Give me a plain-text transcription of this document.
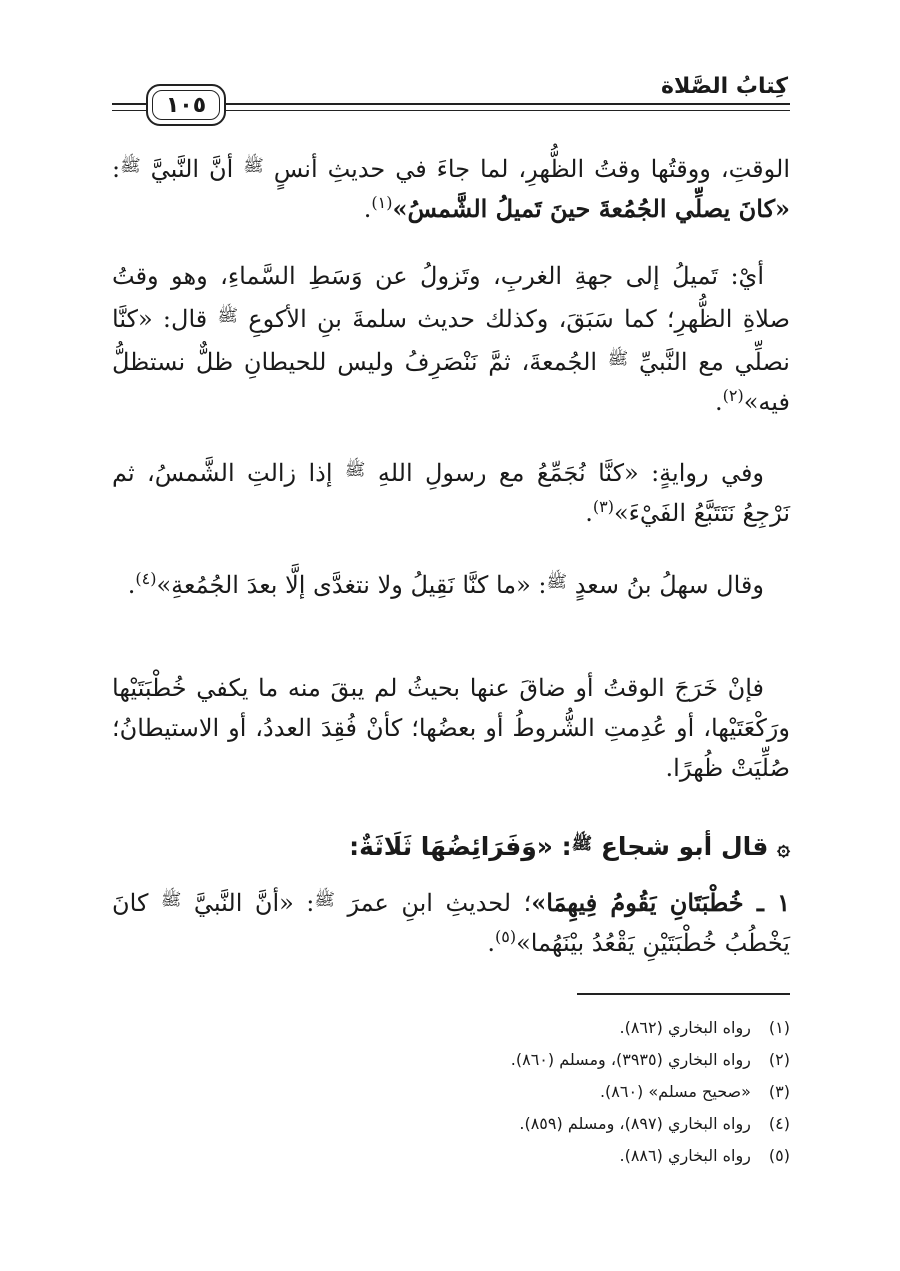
كِتابُ الصَّلاة
١٠٥

الوقتِ، ووقتُها وقتُ الظُّهرِ، لما جاءَ في حديثِ أنسٍ $^ﷺ$ أنَّ النَّبيَّ $^ﷺ$: «كانَ يصلِّي الجُمُعةَ حينَ تَميلُ الشَّمسُ»$^{(١)}$.

أيْ: تَميلُ إلى جهةِ الغربِ، وتَزولُ عن وَسَطِ السَّماءِ، وهو وقتُ صلاةِ الظُّهرِ؛ كما سَبَقَ، وكذلك حديث سلمةَ بنِ الأكوعِ $^ﷺ$ قال: «كنَّا نصلِّي مع النَّبيِّ $^ﷺ$ الجُمعةَ، ثمَّ نَنْصَرِفُ وليس للحيطانِ ظلٌّ نستظلُّ فيه»$^{(٢)}$.

وفي روايةٍ: «كنَّا نُجَمِّعُ مع رسولِ اللهِ $^ﷺ$ إذا زالتِ الشَّمسُ، ثم نَرْجِعُ نَتَتَبَّعُ الفَيْءَ»$^{(٣)}$.

وقال سهلُ بنُ سعدٍ $^ﷺ$: «ما كنَّا نَقِيلُ ولا نتغدَّى إلَّا بعدَ الجُمُعةِ»$^{(٤)}$.

فإنْ خَرَجَ الوقتُ أو ضاقَ عنها بحيثُ لم يبقَ منه ما يكفي خُطْبَتَيْها ورَكْعَتَيْها، أو عُدِمتِ الشُّروطُ أو بعضُها؛ كأنْ فُقِدَ العددُ، أو الاستيطانُ؛ صُلِّيَتْ ظُهرًا.

۞ قال أبو شجاع $^ﷺ$: «وَفَرَائِضُهَا ثَلَاثَةٌ:

١ ـ خُطْبَتَانِ يَقُومُ فِيهِمَا»؛ لحديثِ ابنِ عمرَ $^ﷺ$: «أنَّ النَّبيَّ $^ﷺ$ كانَ يَخْطُبُ خُطْبَتَيْنِ يَقْعُدُ بيْنَهُما»$^{(٥)}$.

(١) رواه البخاري (٨٦٢).
(٢) رواه البخاري (٣٩٣٥)، ومسلم (٨٦٠).
(٣) «صحيح مسلم» (٨٦٠).
(٤) رواه البخاري (٨٩٧)، ومسلم (٨٥٩).
(٥) رواه البخاري (٨٨٦).
